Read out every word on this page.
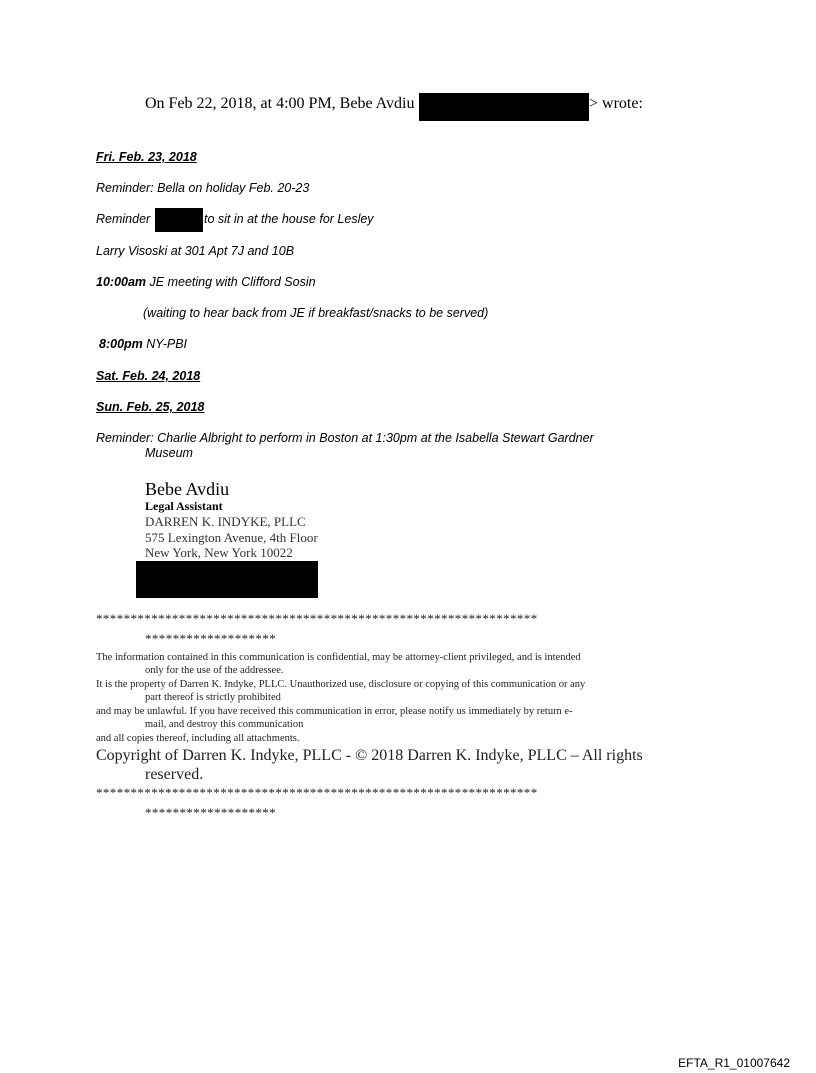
On Feb 22, 2018, at 4:00 PM, Bebe Avdiu	> wrote:
Fri. Feb. 23, 2018
Reminder: Bella on holiday Feb. 20-23
Reminder	to sit in at the house for Lesley
Larry Visoski at 301 Apt 7J and 10B
10:00am JE meeting with Clifford Sosin
(waiting to hear back from JE if breakfast/snacks to be served)
8:00pm NY-PBI
Sat. Feb. 24, 2018
Sun. Feb. 25, 2018
Reminder: Charlie Albright to perform in Boston at 1:30pm at the Isabella Stewart Gardner
Museum
Bebe Avdiu
Legal Assistant
DARREN K. INDYKE, PLLC
575 Lexington Avenue, 4th Floor
New York, New York 10022
****************************************************************
*******************
The information contained in this communication is confidential, may be attorney-client privileged, and is intended
only for the use of the addressee.
It is the property of Darren K. Indyke, PLLC. Unauthorized use, disclosure or copying of this communication or any
part thereof is strictly prohibited
and may be unlawful. If you have received this communication in error, please notify us immediately by return e-
mail, and destroy this communication
and all copies thereof, including all attachments.
Copyright of Darren K. Indyke, PLLC - © 2018 Darren K. Indyke, PLLC – All rights
reserved.
****************************************************************
*******************
EFTA_R1_01007642
